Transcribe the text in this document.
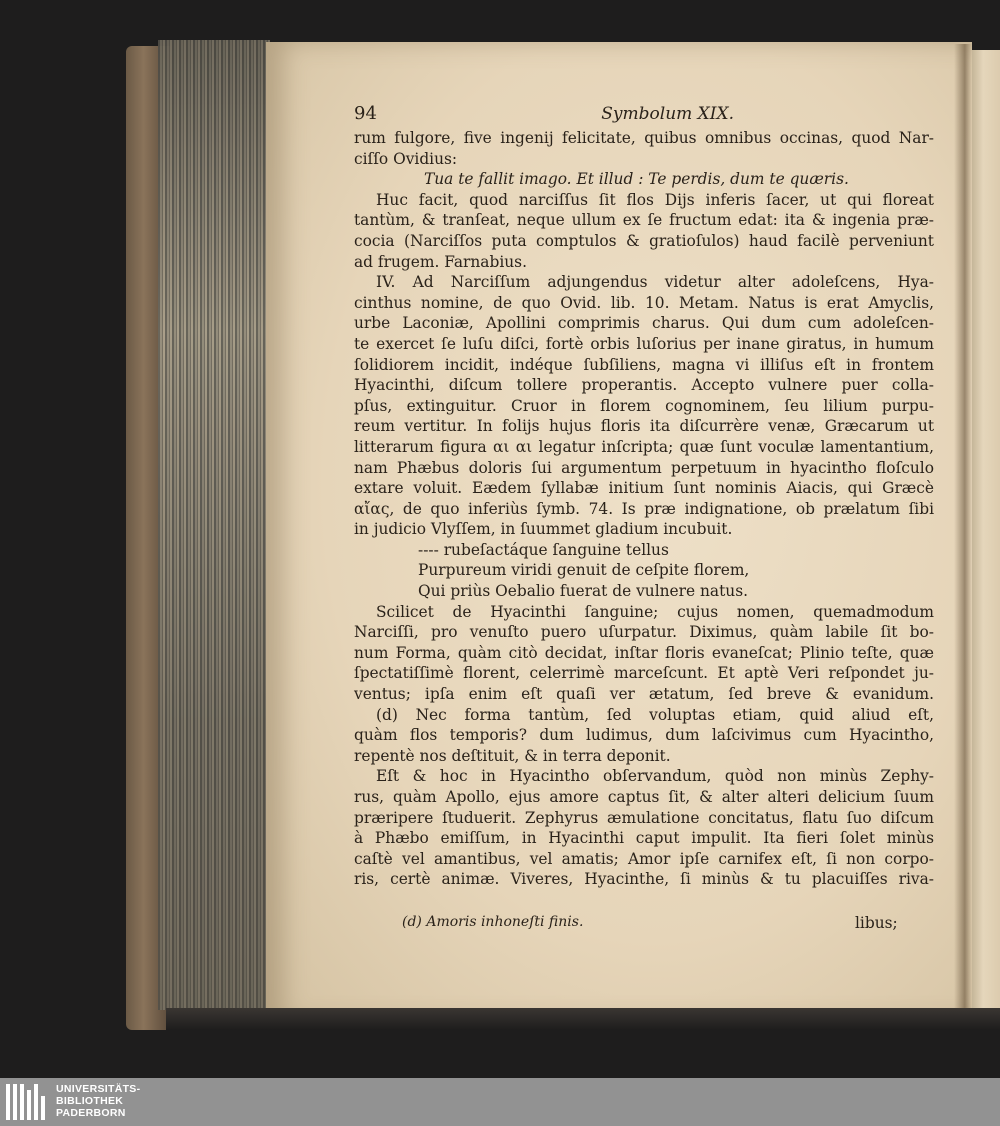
94	Symbolum XIX.
rum fulgore, five ingenij felicitate, quibus omnibus occinas, quod Nar-
ciſſo Ovidius:
Tua te fallit imago. Et illud : Te perdis, dum te quæris.
Huc facit, quod narciſſus ſit flos Dijs inferis ſacer, ut qui floreat
tantùm, & tranſeat, neque ullum ex ſe fructum edat: ita & ingenia præ-
cocia (Narciſſos puta comptulos & gratioſulos) haud facilè perveniunt
ad frugem. Farnabius.
IV. Ad Narciſſum adjungendus videtur alter adoleſcens, Hya-
cinthus nomine, de quo Ovid. lib. 10. Metam. Natus is erat Amyclis,
urbe Laconiæ, Apollini comprimis charus. Qui dum cum adoleſcen-
te exercet ſe luſu diſci, fortè orbis luſorius per inane giratus, in humum
ſolidiorem incidit, indéque ſubſiliens, magna vi illiſus eſt in frontem
Hyacinthi, diſcum tollere properantis. Accepto vulnere puer colla-
pſus, extinguitur. Cruor in florem cognominem, ſeu lilium purpu-
reum vertitur. In folijs hujus floris ita diſcurrère venæ, Græcarum ut
litterarum figura αι αι legatur inſcripta; quæ ſunt voculæ lamentantium,
nam Phæbus doloris ſui argumentum perpetuum in hyacintho floſculo
extare voluit. Eædem ſyllabæ initium ſunt nominis Aiacis, qui Græcè
αἴας, de quo inferiùs ſymb. 74. Is præ indignatione, ob prælatum ſibi
in judicio Vlyſſem, in ſuummet gladium incubuit.
---- rubeſactáque ſanguine tellus
Purpureum viridi genuit de ceſpite florem,
Qui priùs Oebalio fuerat de vulnere natus.
Scilicet de Hyacinthi ſanguine; cujus nomen, quemadmodum
Narciſſi, pro venuſto puero uſurpatur. Diximus, quàm labile ſit bo-
num Forma, quàm citò decidat, inſtar floris evaneſcat; Plinio teſte, quæ
ſpectatiſſimè florent, celerrimè marceſcunt. Et aptè Veri reſpondet ju-
ventus; ipſa enim eſt quaſi ver ætatum, ſed breve & evanidum.
(d) Nec forma tantùm, ſed voluptas etiam, quid aliud eſt,
quàm flos temporis? dum ludimus, dum laſcivimus cum Hyacintho,
repentè nos deſtituit, & in terra deponit.
Eſt & hoc in Hyacintho obſervandum, quòd non minùs Zephy-
rus, quàm Apollo, ejus amore captus ſit, & alter alteri delicium ſuum
præripere ſtuduerit. Zephyrus æmulatione concitatus, flatu ſuo diſcum
à Phæbo emiſſum, in Hyacinthi caput impulit. Ita fieri ſolet minùs
caſtè vel amantibus, vel amatis; Amor ipſe carnifex eſt, ſi non corpo-
ris, certè animæ. Viveres, Hyacinthe, ſi minùs & tu placuiſſes riva-
(d) Amoris inhoneſti finis.	libus;
UNIVERSITÄTS-
BIBLIOTHEK
PADERBORN
